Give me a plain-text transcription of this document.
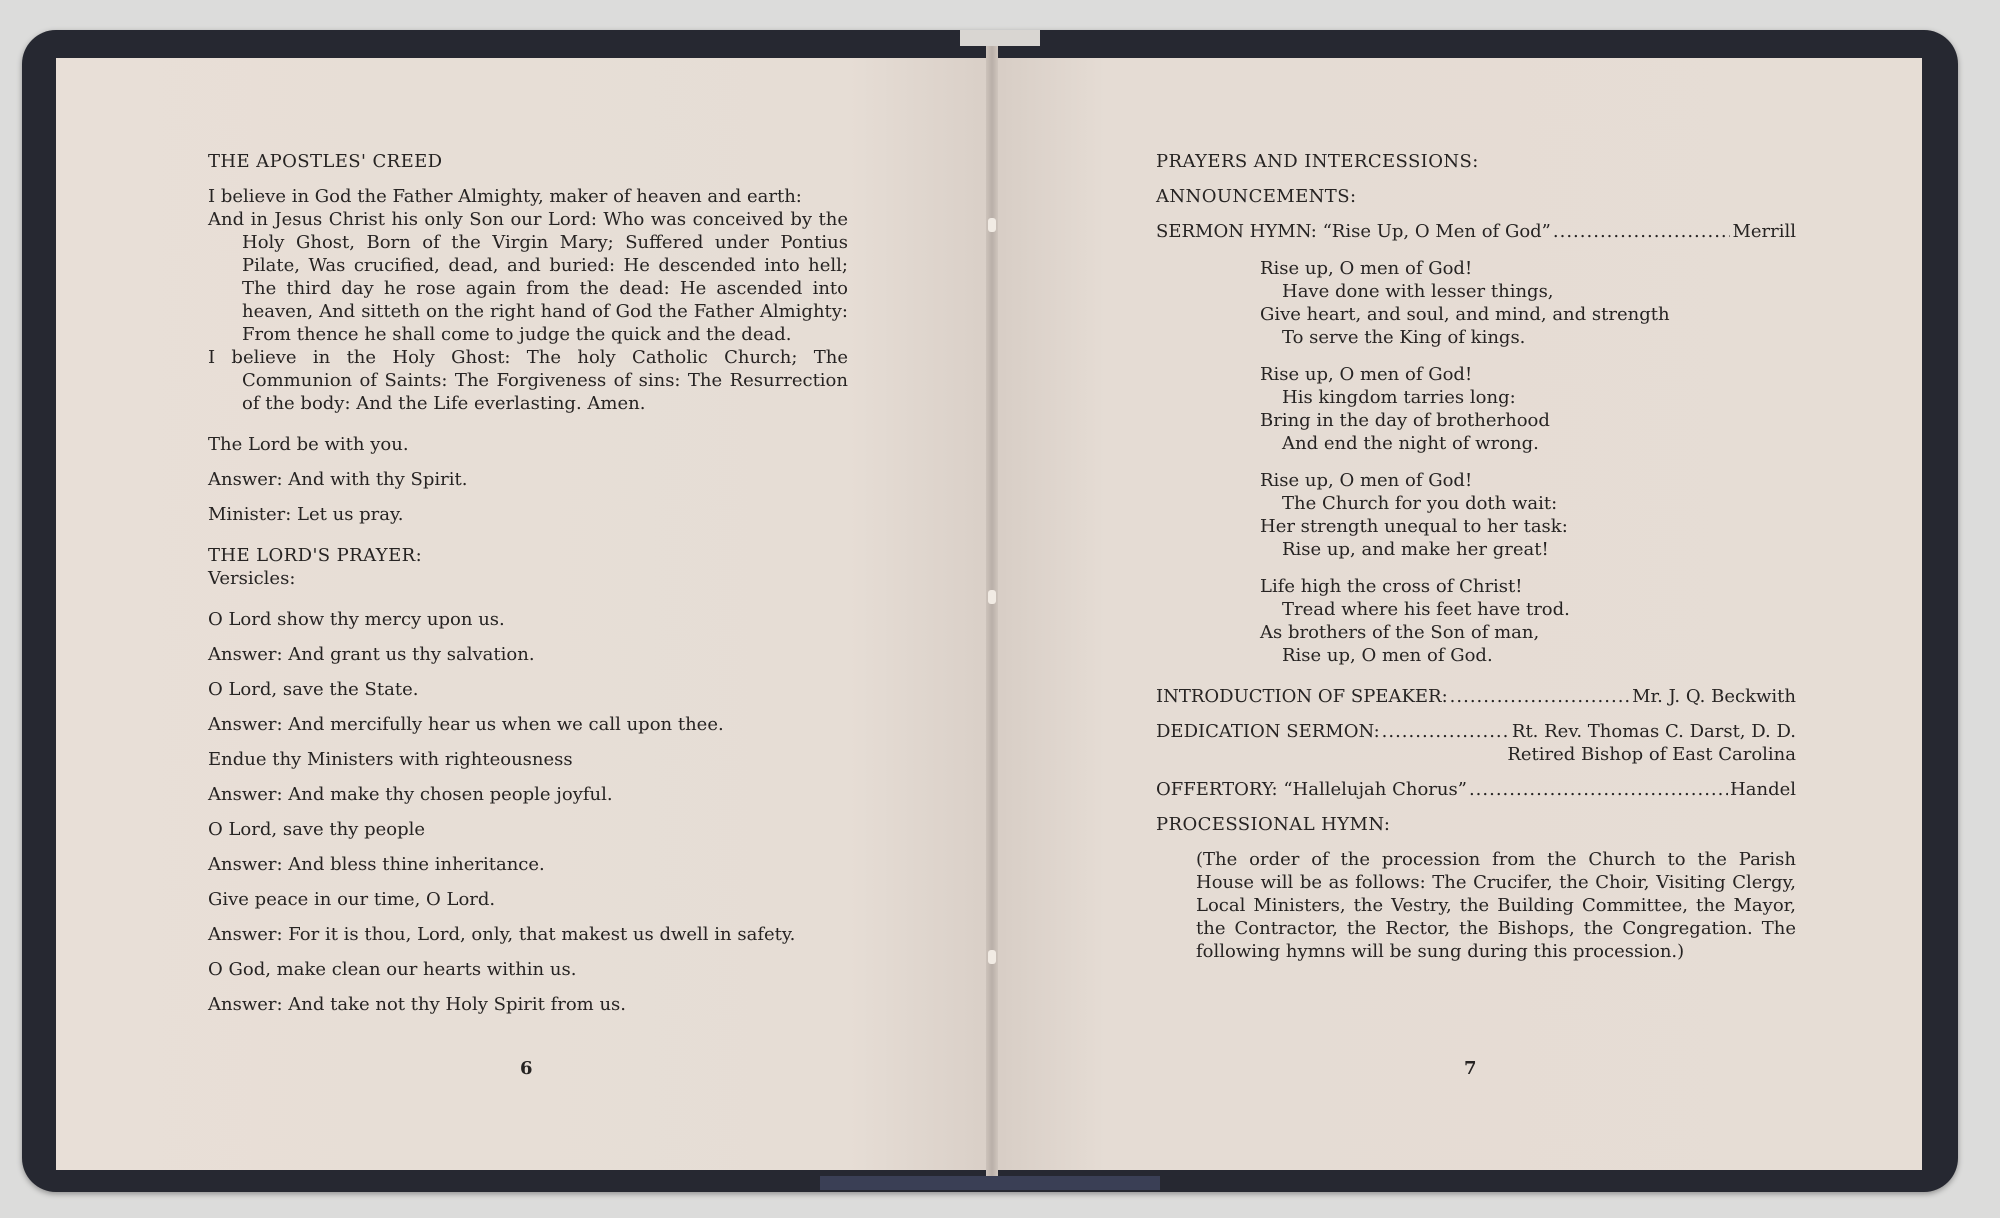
THE APOSTLES' CREED

I believe in God the Father Almighty, maker of heaven and earth:

And in Jesus Christ his only Son our Lord: Who was conceived by the Holy Ghost, Born of the Virgin Mary; Suffered under Pontius Pilate, Was crucified, dead, and buried: He descended into hell; The third day he rose again from the dead: He ascended into heaven, And sitteth on the right hand of God the Father Almighty: From thence he shall come to judge the quick and the dead.

I believe in the Holy Ghost: The holy Catholic Church; The Communion of Saints: The Forgiveness of sins: The Resurrection of the body: And the Life everlasting. Amen.

The Lord be with you.

Answer: And with thy Spirit.

Minister: Let us pray.

THE LORD'S PRAYER:

Versicles:

O Lord show thy mercy upon us.

Answer: And grant us thy salvation.

O Lord, save the State.

Answer: And mercifully hear us when we call upon thee.

Endue thy Ministers with righteousness

Answer: And make thy chosen people joyful.

O Lord, save thy people

Answer: And bless thine inheritance.

Give peace in our time, O Lord.

Answer: For it is thou, Lord, only, that makest us dwell in safety.

O God, make clean our hearts within us.

Answer: And take not thy Holy Spirit from us.

6

PRAYERS AND INTERCESSIONS:

ANNOUNCEMENTS:

SERMON HYMN: “Rise Up, O Men of God” .....	Merrill

Rise up, O men of God!

Have done with lesser things,

Give heart, and soul, and mind, and strength

To serve the King of kings.

Rise up, O men of God!

His kingdom tarries long:

Bring in the day of brotherhood

And end the night of wrong.

Rise up, O men of God!

The Church for you doth wait:

Her strength unequal to her task:

Rise up, and make her great!

Life high the cross of Christ!

Tread where his feet have trod.

As brothers of the Son of man,

Rise up, O men of God.

INTRODUCTION OF SPEAKER: .....	Mr. J. Q. Beckwith
DEDICATION SERMON: .....	Rt. Rev. Thomas C. Darst, D. D.

Retired Bishop of East Carolina

OFFERTORY: “Hallelujah Chorus” .....	Handel

PROCESSIONAL HYMN:

(The order of the procession from the Church to the Parish House will be as follows: The Crucifer, the Choir, Visiting Clergy, Local Ministers, the Vestry, the Building Committee, the Mayor, the Contractor, the Rector, the Bishops, the Congregation. The following hymns will be sung during this procession.)

7
